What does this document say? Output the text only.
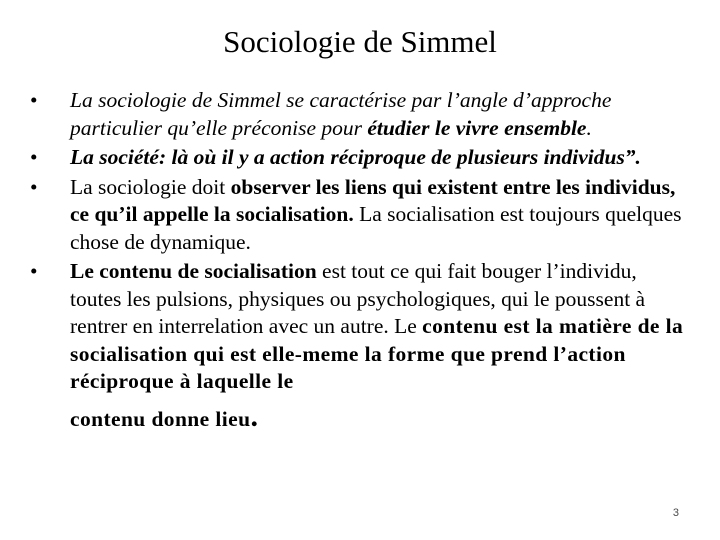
Sociologie de Simmel
•	La sociologie de Simmel se caractérise par l’angle d’approche particulier qu’elle préconise pour étudier le vivre ensemble.
•	La société: là où il y a action réciproque de plusieurs individus”.
•	La sociologie doit observer les liens qui existent entre les individus, ce qu’il appelle la socialisation. La socialisation est toujours quelques chose de dynamique.
•	Le contenu de socialisation est tout ce qui fait bouger l’individu, toutes les pulsions, physiques ou psychologiques, qui le poussent à rentrer en interrelation avec un autre. Le contenu est la matière de la socialisation qui est elle-meme la forme que prend l’action réciproque à laquelle le
contenu donne lieu.
3
